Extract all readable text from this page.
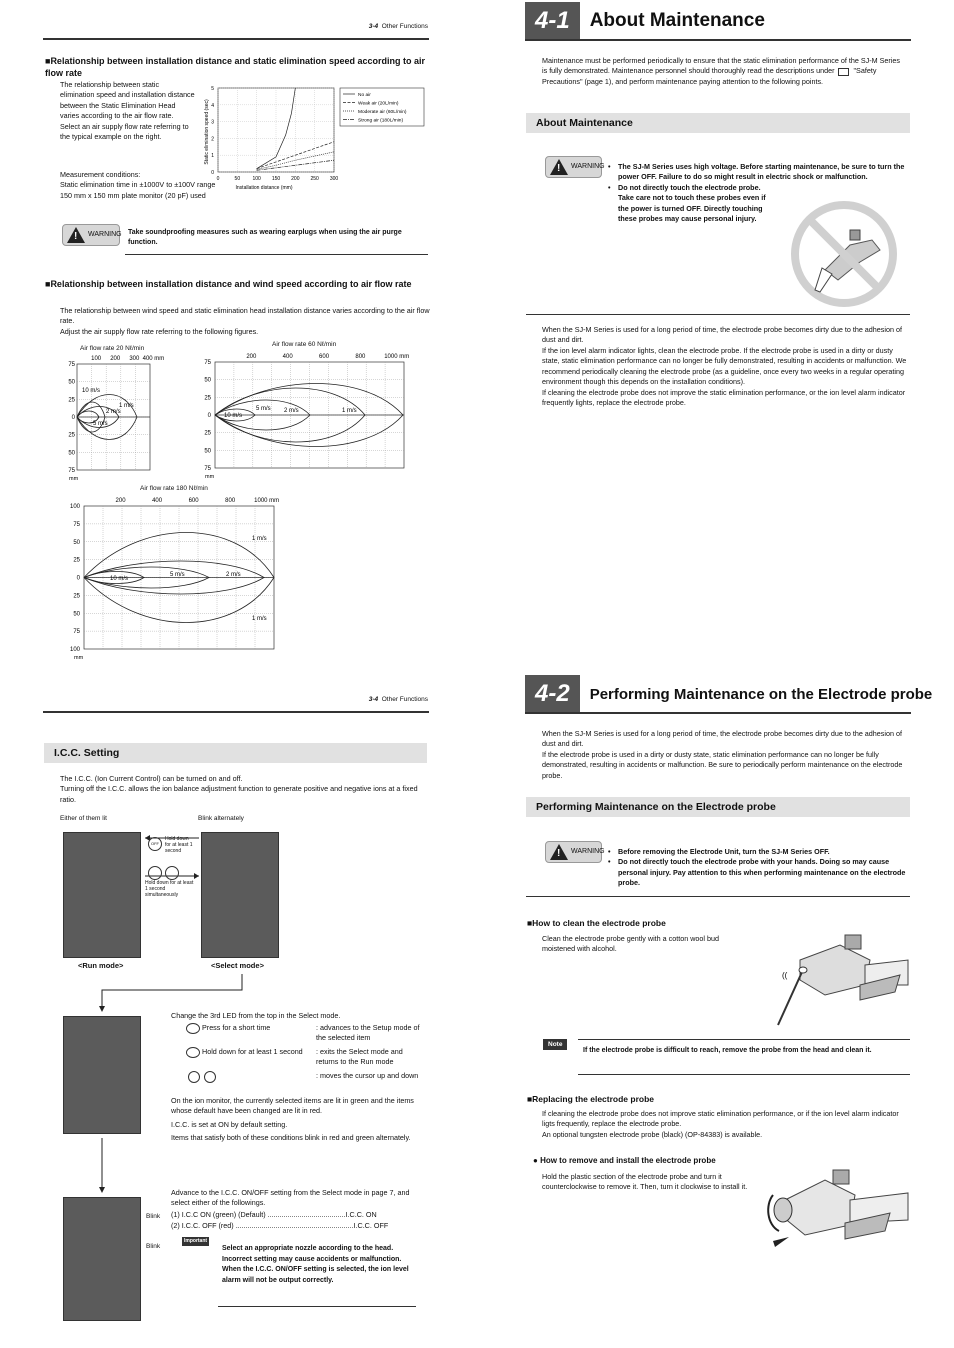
3-4 Other Functions
■ Relationship between installation distance and static elimination speed according to air flow rate
The relationship between static elimination speed and installation distance between the Static Elimination Head varies according to the air flow rate.
Select an air supply flow rate referring to the typical example on the right.
Measurement conditions:
Static elimination time in ±1000V to ±100V range
150 mm x 150 mm plate monitor (20 pF) used
0	50 100 150 200 250 300
0
1
2
3
4
5
Static elimination speed (sec)
Installation distance (mm)
No air
Weak air (20L/min)
Moderate air (60L/min)
Strong air (180L/min)
! WARNING Take soundproofing measures such as wearing earplugs when using the air purge function.
■ Relationship between installation distance and wind speed according to air flow rate
The relationship between wind speed and static elimination head installation distance varies according to the air flow rate.
Adjust the air supply flow rate referring to the following figures.
Air flow rate 20 Nℓ/min
75
50
25
0
25
50
75
mm
100 200 300 400 mm
10 m/s
1 m/s
2 m/s
5 m/s
Air flow rate 60 Nℓ/min
75
50
25
0
25
50
75
mm
200	400	600	800	1000 mm
10 m/s
5 m/s 2 m/s	1 m/s
Air flow rate 180 Nℓ/min
100
75
50
25
0
25
50
75
100
mm
200	400	600	800	1000 mm
1 m/s
10 m/s
5 m/s	2 m/s
1 m/s
4-1	About Maintenance
Maintenance must be performed periodically to ensure that the static elimination performance of the SJ-M Series is fully demonstrated. Maintenance personnel should thoroughly read the descriptions under	"Safety Precautions" (page 1), and perform maintenance paying attention to the following points.
About Maintenance
! WARNING	• The SJ-M Series uses high voltage. Before starting maintenance, be sure to turn the power OFF. Failure to do so might result in electric shock or malfunction.
• Do not directly touch the electrode probe. Take care not to touch these probes even if the power is turned OFF. Directly touching these probes may cause personal injury.
When the SJ-M Series is used for a long period of time, the electrode probe becomes dirty due to the adhesion of dust and dirt.
If the ion level alarm indicator lights, clean the electrode probe. If the electrode probe is used in a dirty or dusty state, static elimination performance can no longer be fully demonstrated, resulting in accidents or malfunction. We recommend periodically cleaning the electrode probe (as a guideline, once every two weeks in a regular operating environment though this depends on the installation conditions).
If cleaning the electrode probe does not improve the static elimination performance, or the ion level alarm indicator frequently lights, replace the electrode probe.
3-4 Other Functions
I.C.C. Setting
The I.C.C. (Ion Current Control) can be turned on and off.
Turning off the I.C.C. allows the ion balance adjustment function to generate positive and negative ions at a fixed ratio.
Either of them lit	Blink alternately
OFF
Hold down for at least 1 second
Hold down for at least 1 second simultaneously
<Run mode>	<Select mode>
Change the 3rd LED from the top in the Select mode.
Press for a short time	: advances to the Setup mode of the selected item
Hold down for at least 1 second : exits the Select mode and returns to the Run mode
: moves the cursor up and down
On the ion monitor, the currently selected items are lit in green and the items whose default have been changed are lit in red.
I.C.C. is set at ON by default setting.
Items that satisfy both of these conditions blink in red and green alternately.
Advance to the I.C.C. ON/OFF setting from the Select mode in page 7, and select either of the followings.
(1) I.C.C ON (green) (Default) .......................................I.C.C. ON
(2) I.C.C. OFF (red) ...........................................................I.C.C. OFF
Blink
Blink
Important
Select an appropriate nozzle according to the head. Incorrect setting may cause accidents or malfunction. When the I.C.C. ON/OFF setting is selected, the ion level alarm will not be output correctly.
4-2	Performing Maintenance on the Electrode probe
When the SJ-M Series is used for a long period of time, the electrode probe becomes dirty due to the adhesion of dust and dirt.
If the electrode probe is used in a dirty or dusty state, static elimination performance can no longer be fully demonstrated, resulting in accidents or malfunction. Be sure to periodically perform maintenance on the electrode probe.
Performing Maintenance on the Electrode probe
! WARNING	• Before removing the Electrode Unit, turn the SJ-M Series OFF.
• Do not directly touch the electrode probe with your hands. Doing so may cause personal injury. Pay attention to this when performing maintenance on the electrode probe.
■ How to clean the electrode probe
Clean the electrode probe gently with a cotton wool bud moistened with alcohol.
((
Note
If the electrode probe is difficult to reach, remove the probe from the head and clean it.
■ Replacing the electrode probe
If cleaning the electrode probe does not improve static elimination performance, or if the ion level alarm indicator ligts frequently, replace the electrode probe.
An optional tungsten electrode probe (black) (OP-84383) is available.
● How to remove and install the electrode probe
Hold the plastic section of the electrode probe and turn it counterclockwise to remove it. Then, turn it clockwise to install it.
